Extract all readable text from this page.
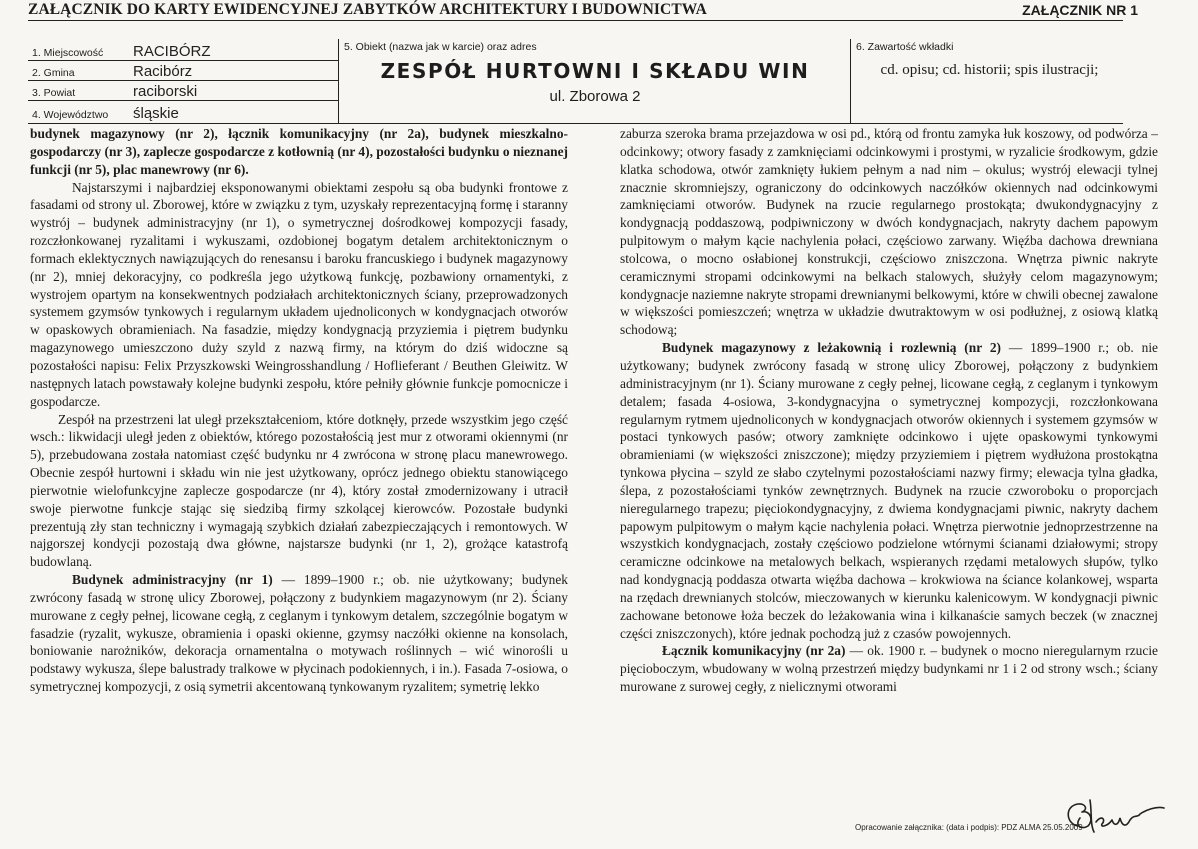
ZAŁĄCZNIK DO KARTY EWIDENCYJNEJ ZABYTKÓW ARCHITEKTURY I BUDOWNICTWA	ZAŁĄCZNIK NR 1
1. Miejscowość RACIBÓRZ
2. Gmina	Racibórz
3. Powiat	raciborski
4. Województwo śląskie
5. Obiekt (nazwa jak w karcie) oraz adres
ZESPÓŁ HURTOWNI I SKŁADU WIN
ul. Zborowa 2
6. Zawartość wkładki
cd. opisu; cd. historii; spis ilustracji;

budynek magazynowy (nr 2), łącznik komunikacyjny (nr 2a), budynek mieszkalno-gospodarczy (nr 3), zaplecze gospodarcze z kotłownią (nr 4), pozostałości budynku o nieznanej funkcji (nr 5), plac manewrowy (nr 6).

Najstarszymi i najbardziej eksponowanymi obiektami zespołu są oba budynki frontowe z fasadami od strony ul. Zborowej, które w związku z tym, uzyskały reprezentacyjną formę i staranny wystrój – budynek administracyjny (nr 1), o symetrycznej dośrodkowej kompozycji fasady, rozczłonkowanej ryzalitami i wykuszami, ozdobionej bogatym detalem architektonicznym o formach eklektycznych nawiązujących do renesansu i baroku francuskiego i budynek magazynowy (nr 2), mniej dekoracyjny, co podkreśla jego użytkową funkcję, pozbawiony ornamentyki, z wystrojem opartym na konsekwentnych podziałach architektonicznych ściany, przeprowadzonych systemem gzymsów tynkowych i regularnym układem ujednoliconych w kondygnacjach otworów w opaskowych obramieniach. Na fasadzie, między kondygnacją przyziemia i piętrem budynku magazynowego umieszczono duży szyld z nazwą firmy, na którym do dziś widoczne są pozostałości napisu: Felix Przyszkowski Weingrosshandlung / Hoflieferant / Beuthen Gleiwitz. W następnych latach powstawały kolejne budynki zespołu, które pełniły głównie funkcje pomocnicze i gospodarcze.

Zespół na przestrzeni lat uległ przekształceniom, które dotknęły, przede wszystkim jego część wsch.: likwidacji uległ jeden z obiektów, którego pozostałością jest mur z otworami okiennymi (nr 5), przebudowana została natomiast część budynku nr 4 zwrócona w stronę placu manewrowego. Obecnie zespół hurtowni i składu win nie jest użytkowany, oprócz jednego obiektu stanowiącego pierwotnie wielofunkcyjne zaplecze gospodarcze (nr 4), który został zmodernizowany i utracił swoje pierwotne funkcje stając się siedzibą firmy szkolącej kierowców. Pozostałe budynki prezentują zły stan techniczny i wymagają szybkich działań zabezpieczających i remontowych. W najgorszej kondycji pozostają dwa główne, najstarsze budynki (nr 1, 2), grożące katastrofą budowlaną.

Budynek administracyjny (nr 1) — 1899–1900 r.; ob. nie użytkowany; budynek zwrócony fasadą w stronę ulicy Zborowej, połączony z budynkiem magazynowym (nr 2). Ściany murowane z cegły pełnej, licowane cegłą, z ceglanym i tynkowym detalem, szczególnie bogatym w fasadzie (ryzalit, wykusze, obramienia i opaski okienne, gzymsy naczółki okienne na konsolach, boniowanie narożników, dekoracja ornamentalna o motywach roślinnych – wić winorośli u podstawy wykusza, ślepe balustrady tralkowe w płycinach podokiennych, i in.). Fasada 7-osiowa, o symetrycznej kompozycji, z osią symetrii akcentowaną tynkowanym ryzalitem; symetrię lekko

zaburza szeroka brama przejazdowa w osi pd., którą od frontu zamyka łuk koszowy, od podwórza – odcinkowy; otwory fasady z zamknięciami odcinkowymi i prostymi, w ryzalicie środkowym, gdzie klatka schodowa, otwór zamknięty łukiem pełnym a nad nim – okulus; wystrój elewacji tylnej znacznie skromniejszy, ograniczony do odcinkowych naczółków okiennych nad odcinkowymi zamknięciami otworów. Budynek na rzucie regularnego prostokąta; dwukondygnacyjny z kondygnacją poddaszową, podpiwniczony w dwóch kondygnacjach, nakryty dachem papowym pulpitowym o małym kącie nachylenia połaci, częściowo zarwany. Więźba dachowa drewniana stolcowa, o mocno osłabionej konstrukcji, częściowo zniszczona. Wnętrza piwnic nakryte ceramicznymi stropami odcinkowymi na belkach stalowych, służyły celom magazynowym; kondygnacje naziemne nakryte stropami drewnianymi belkowymi, które w chwili obecnej zawalone w większości pomieszczeń; wnętrza w układzie dwutraktowym w osi podłużnej, z osiową klatką schodową;

Budynek magazynowy z leżakownią i rozlewnią (nr 2) — 1899–1900 r.; ob. nie użytkowany; budynek zwrócony fasadą w stronę ulicy Zborowej, połączony z budynkiem administracyjnym (nr 1). Ściany murowane z cegły pełnej, licowane cegłą, z ceglanym i tynkowym detalem; fasada 4-osiowa, 3-kondygnacyjna o symetrycznej kompozycji, rozczłonkowana regularnym rytmem ujednoliconych w kondygnacjach otworów okiennych i systemem gzymsów w postaci tynkowych pasów; otwory zamknięte odcinkowo i ujęte opaskowymi tynkowymi obramieniami (w większości zniszczone); między przyziemiem i piętrem wydłużona prostokątna tynkowa płycina – szyld ze słabo czytelnymi pozostałościami nazwy firmy; elewacja tylna gładka, ślepa, z pozostałościami tynków zewnętrznych. Budynek na rzucie czworoboku o proporcjach nieregularnego trapezu; pięciokondygnacyjny, z dwiema kondygnacjami piwnic, nakryty dachem papowym pulpitowym o małym kącie nachylenia połaci. Wnętrza pierwotnie jednoprzestrzenne na wszystkich kondygnacjach, zostały częściowo podzielone wtórnymi ścianami działowymi; stropy ceramiczne odcinkowe na metalowych belkach, wspieranych rzędami metalowych słupów, tylko nad kondygnacją poddasza otwarta więźba dachowa – krokwiowa na ściance kolankowej, wsparta na rzędach drewnianych stolców, mieczowanych w kierunku kalenicowym. W kondygnacji piwnic zachowane betonowe łoża beczek do leżakowania wina i kilkanaście samych beczek (w znacznej części zniszczonych), które jednak pochodzą już z czasów powojennych.

Łącznik komunikacyjny (nr 2a) — ok. 1900 r. – budynek o mocno nieregularnym rzucie pięcioboczym, wbudowany w wolną przestrzeń między budynkami nr 1 i 2 od strony wsch.; ściany murowane z surowej cegły, z nielicznymi otworami

Opracowanie załącznika: (data i podpis): PDZ ALMA 25.05.2009
